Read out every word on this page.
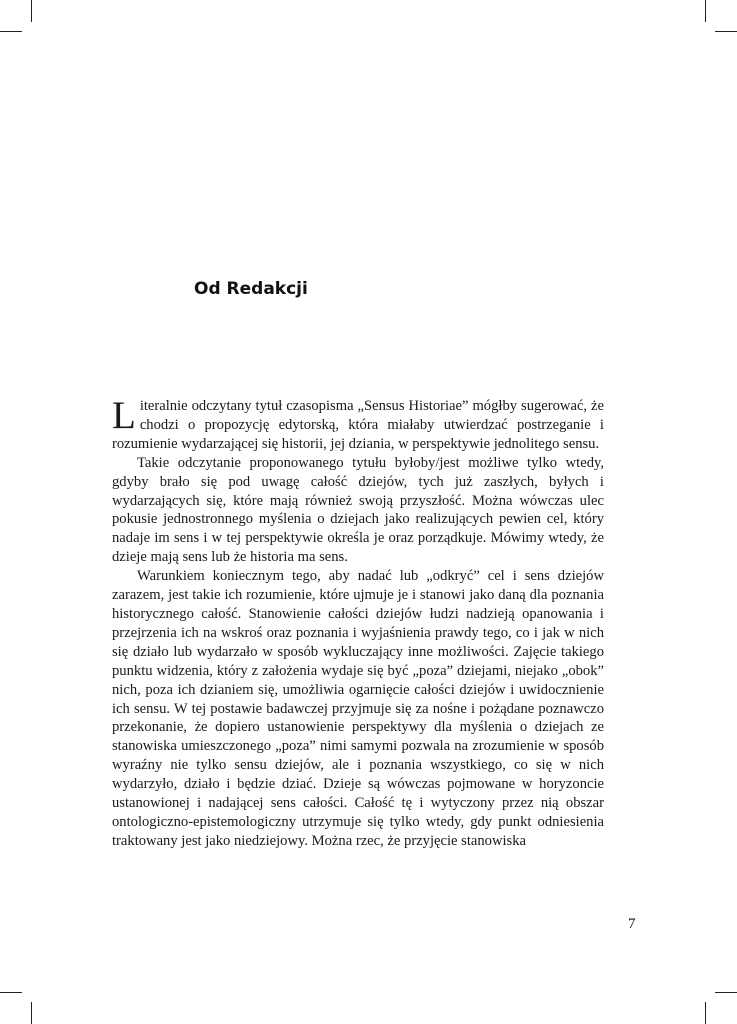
Od Redakcji

Literalnie odczytany tytuł czasopisma „Sensus Historiae” mógłby sugerować, że chodzi o propozycję edytorską, która miałaby utwierdzać postrzeganie i rozumienie wydarzającej się historii, jej dziania, w perspektywie jednolitego sensu.

Takie odczytanie proponowanego tytułu byłoby/jest możliwe tylko wtedy, gdyby brało się pod uwagę całość dziejów, tych już zaszłych, byłych i wydarzających się, które mają również swoją przyszłość. Można wówczas ulec pokusie jednostronnego myślenia o dziejach jako realizujących pewien cel, który nadaje im sens i w tej perspektywie określa je oraz porządkuje. Mówimy wtedy, że dzieje mają sens lub że historia ma sens.

Warunkiem koniecznym tego, aby nadać lub „odkryć” cel i sens dziejów zarazem, jest takie ich rozumienie, które ujmuje je i stanowi jako daną dla poznania historycznego całość. Stanowienie całości dziejów łudzi nadzieją opanowania i przejrzenia ich na wskroś oraz poznania i wyjaśnienia prawdy tego, co i jak w nich się działo lub wydarzało w sposób wykluczający inne możliwości. Zajęcie takiego punktu widzenia, który z założenia wydaje się być „poza” dziejami, niejako „obok” nich, poza ich dzianiem się, umożliwia ogarnięcie całości dziejów i uwidocznienie ich sensu. W tej postawie badawczej przyjmuje się za nośne i pożądane poznawczo przekonanie, że dopiero ustanowienie perspektywy dla myślenia o dziejach ze stanowiska umieszczonego „poza” nimi samymi pozwala na zrozumienie w sposób wyraźny nie tylko sensu dziejów, ale i poznania wszystkiego, co się w nich wydarzyło, działo i będzie dziać. Dzieje są wówczas pojmowane w horyzoncie ustanowionej i nadającej sens całości. Całość tę i wytyczony przez nią obszar ontologiczno-epistemologiczny utrzymuje się tylko wtedy, gdy punkt odniesienia traktowany jest jako niedziejowy. Można rzec, że przyjęcie stanowiska

7
